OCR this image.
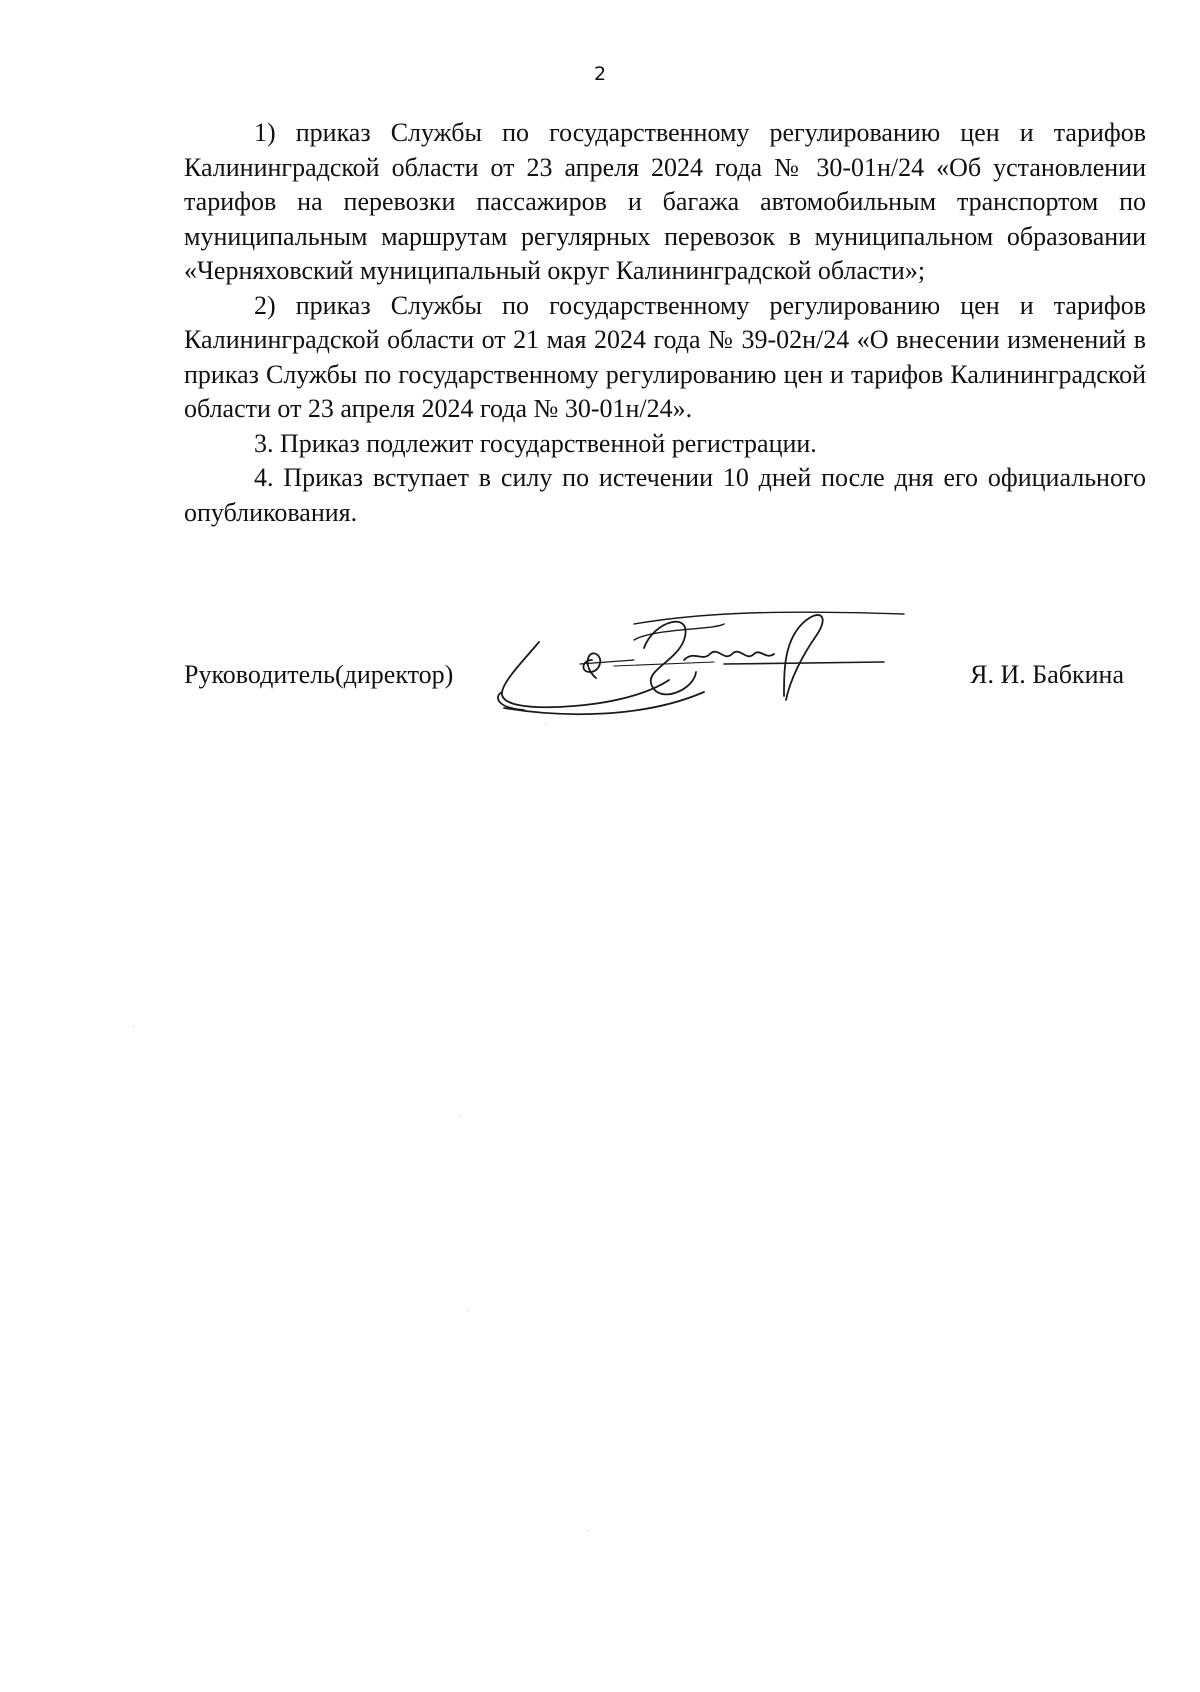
2

1) приказ Службы по государственному регулированию цен и тарифов Калининградской области от 23 апреля 2024 года № 30-01н/24 «Об установлении тарифов на перевозки пассажиров и багажа автомобильным транспортом по муниципальным маршрутам регулярных перевозок в муниципальном образовании «Черняховский муниципальный округ Калининградской области»;

2) приказ Службы по государственному регулированию цен и тарифов Калининградской области от 21 мая 2024 года № 39-02н/24 «О внесении изменений в приказ Службы по государственному регулированию цен и тарифов Калининградской области от 23 апреля 2024 года № 30-01н/24».

3. Приказ подлежит государственной регистрации.

4. Приказ вступает в силу по истечении 10 дней после дня его официального опубликования.

Руководитель(директор)	Я. И. Бабкина
